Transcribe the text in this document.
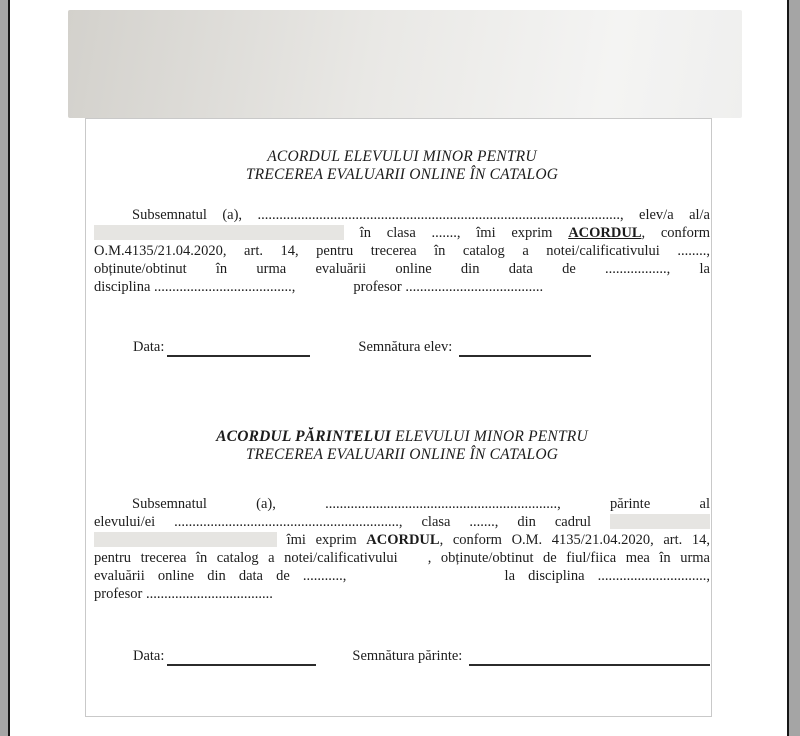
ACORDUL ELEVULUI MINOR PENTRU
TRECEREA EVALUARII ONLINE ÎN CATALOG
Subsemnatul (a), ...................................................................................................., elev/a al/a
în clasa ......., îmi exprim ACORDUL, conform
O.M.4135/21.04.2020, art. 14, pentru trecerea în catalog a notei/calificativului ........,
obținute/obtinut în urma evaluării online din data de ................., la
disciplina ......................................,	profesor ......................................
Data:	Semnătura elev:
ACORDUL PĂRINTELUI ELEVULUI MINOR PENTRU
TRECEREA EVALUARII ONLINE ÎN CATALOG
Subsemnatul (a), ................................................................, părinte al
elevului/ei .............................................................., clasa ......., din cadrul
îmi exprim ACORDUL, conform O.M. 4135/21.04.2020, art. 14,
pentru trecerea în catalog a notei/calificativului , obținute/obtinut de fiul/fiica mea în urma
evaluării online din data de ...........,	la disciplina ..............................,
profesor ...................................
Data:	Semnătura părinte:
